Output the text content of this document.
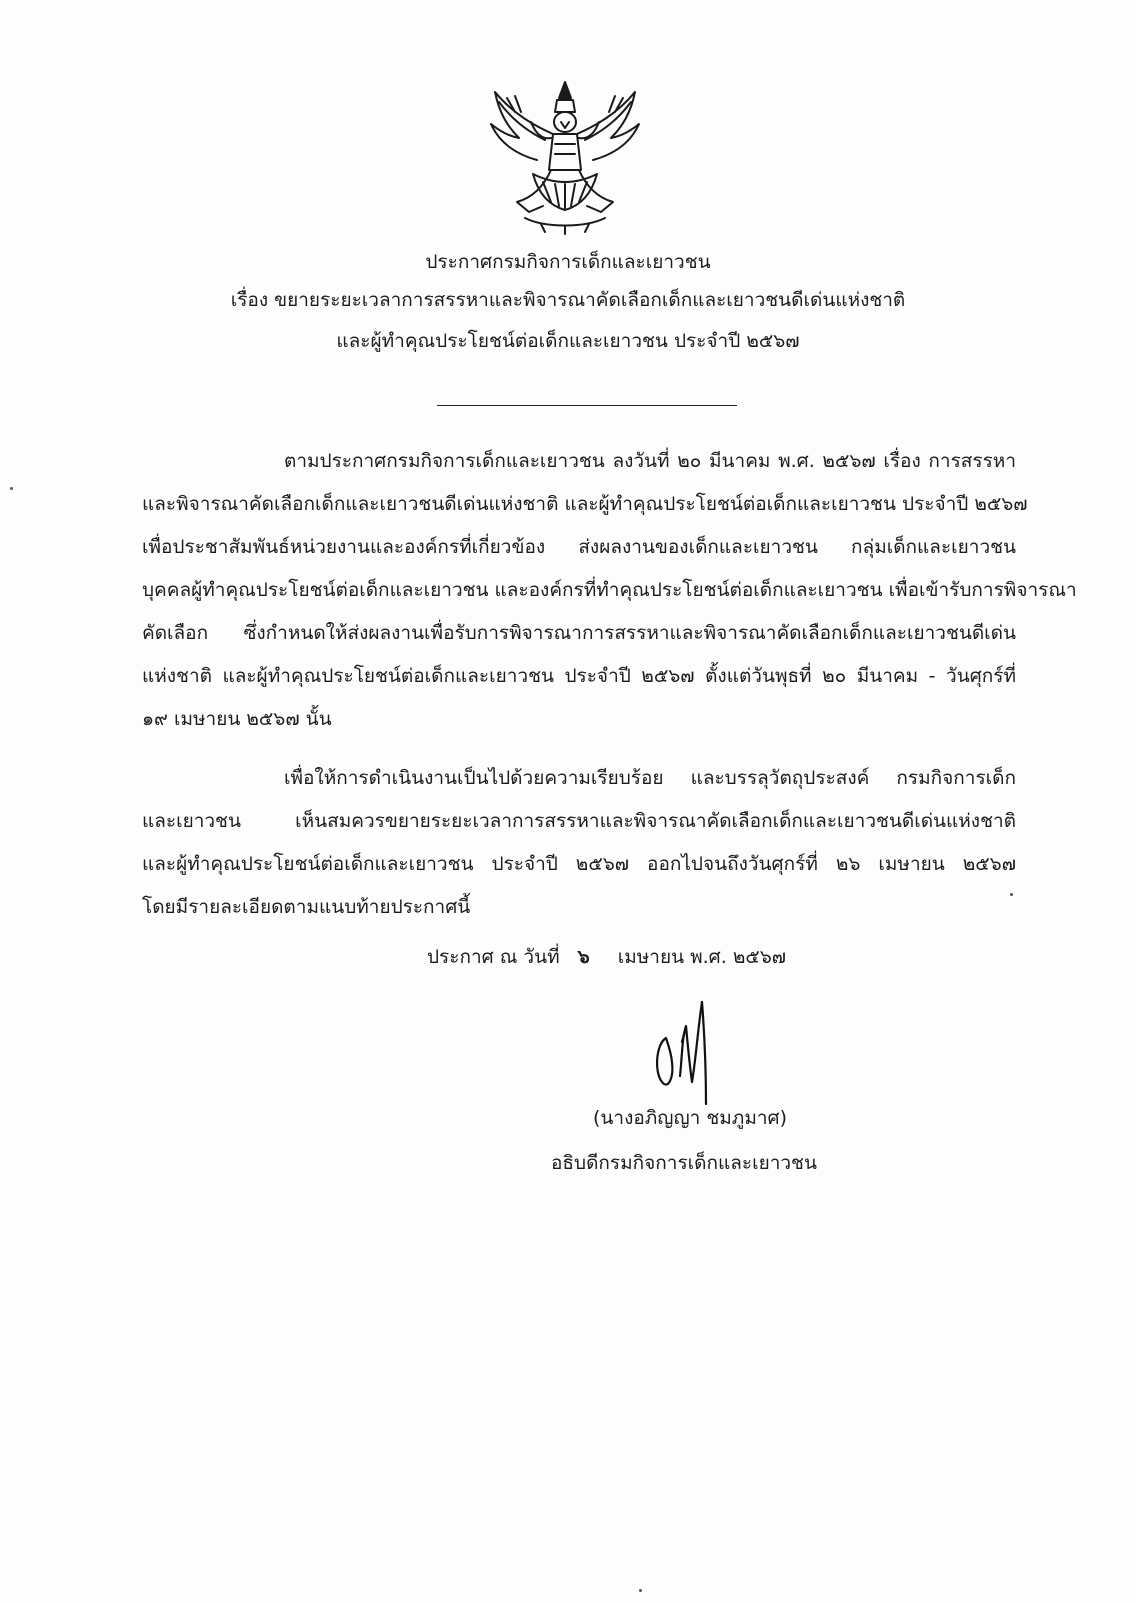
ประกาศกรมกิจการเด็กและเยาวชน
เรื่อง ขยายระยะเวลาการสรรหาและพิจารณาคัดเลือกเด็กและเยาวชนดีเด่นแห่งชาติ
และผู้ทำคุณประโยชน์ต่อเด็กและเยาวชน ประจำปี ๒๕๖๗
ตามประกาศกรมกิจการเด็กและเยาวชน ลงวันที่ ๒๐ มีนาคม พ.ศ. ๒๕๖๗ เรื่อง การสรรหา
และพิจารณาคัดเลือกเด็กและเยาวชนดีเด่นแห่งชาติ และผู้ทำคุณประโยชน์ต่อเด็กและเยาวชน ประจำปี ๒๕๖๗
เพื่อประชาสัมพันธ์หน่วยงานและองค์กรที่เกี่ยวข้อง ส่งผลงานของเด็กและเยาวชน กลุ่มเด็กและเยาวชน
บุคคลผู้ทำคุณประโยชน์ต่อเด็กและเยาวชน และองค์กรที่ทำคุณประโยชน์ต่อเด็กและเยาวชน เพื่อเข้ารับการพิจารณา
คัดเลือก ซึ่งกำหนดให้ส่งผลงานเพื่อรับการพิจารณาการสรรหาและพิจารณาคัดเลือกเด็กและเยาวชนดีเด่น
แห่งชาติ และผู้ทำคุณประโยชน์ต่อเด็กและเยาวชน ประจำปี ๒๕๖๗ ตั้งแต่วันพุธที่ ๒๐ มีนาคม - วันศุกร์ที่
๑๙ เมษายน ๒๕๖๗ นั้น
เพื่อให้การดำเนินงานเป็นไปด้วยความเรียบร้อย และบรรลุวัตถุประสงค์ กรมกิจการเด็ก
และเยาวชน เห็นสมควรขยายระยะเวลาการสรรหาและพิจารณาคัดเลือกเด็กและเยาวชนดีเด่นแห่งชาติ
และผู้ทำคุณประโยชน์ต่อเด็กและเยาวชน ประจำปี ๒๕๖๗ ออกไปจนถึงวันศุกร์ที่ ๒๖ เมษายน ๒๕๖๗
โดยมีรายละเอียดตามแนบท้ายประกาศนี้
ประกาศ ณ วันที่ ๖ เมษายน พ.ศ. ๒๕๖๗
(นางอภิญญา ชมภูมาศ)
อธิบดีกรมกิจการเด็กและเยาวชน
